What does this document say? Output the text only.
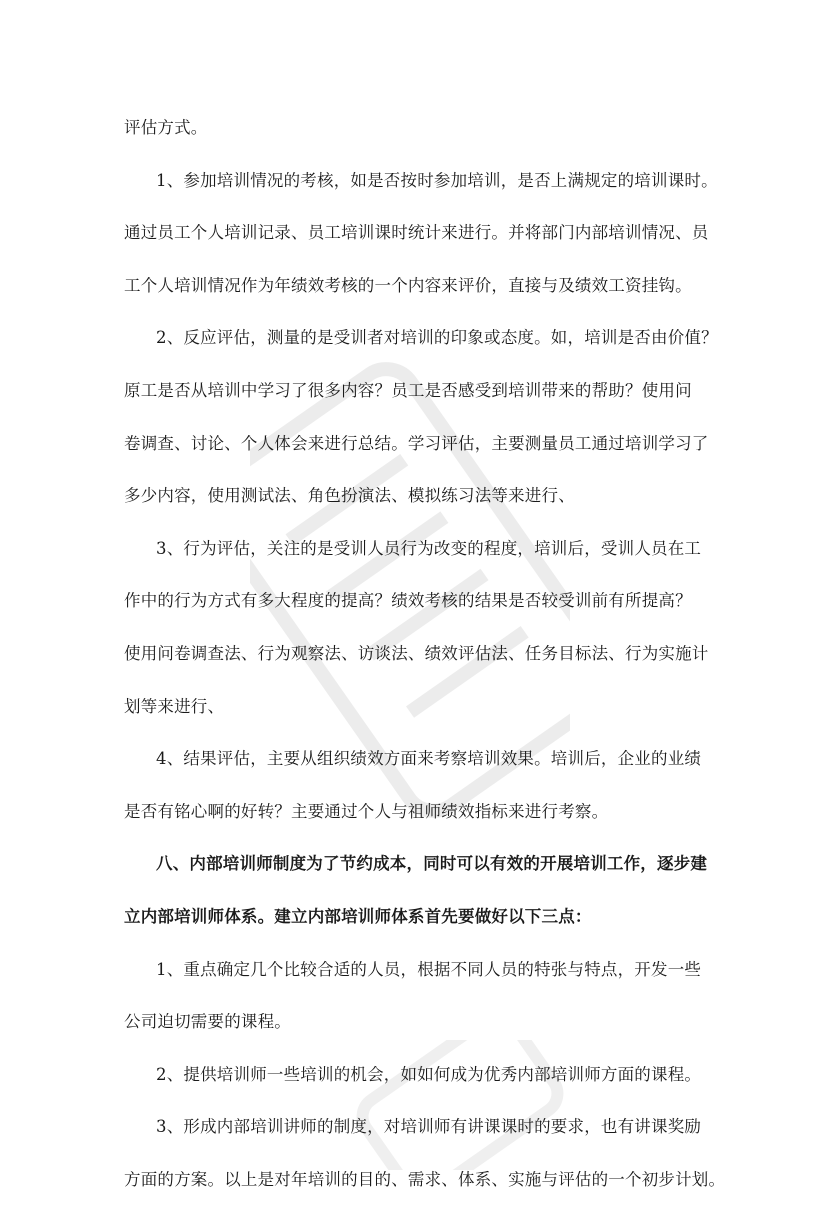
评估方式。
1、参加培训情况的考核，如是否按时参加培训，是否上满规定的培训课时。
通过员工个人培训记录、员工培训课时统计来进行。并将部门内部培训情况、员
工个人培训情况作为年绩效考核的一个内容来评价，直接与及绩效工资挂钩。
2、反应评估，测量的是受训者对培训的印象或态度。如，培训是否由价值？
原工是否从培训中学习了很多内容？员工是否感受到培训带来的帮助？使用问
卷调查、讨论、个人体会来进行总结。学习评估，主要测量员工通过培训学习了
多少内容，使用测试法、角色扮演法、模拟练习法等来进行、
3、行为评估，关注的是受训人员行为改变的程度，培训后，受训人员在工
作中的行为方式有多大程度的提高？绩效考核的结果是否较受训前有所提高？
使用问卷调查法、行为观察法、访谈法、绩效评估法、任务目标法、行为实施计
划等来进行、
4、结果评估，主要从组织绩效方面来考察培训效果。培训后，企业的业绩
是否有铭心啊的好转？主要通过个人与祖师绩效指标来进行考察。
八、内部培训师制度为了节约成本，同时可以有效的开展培训工作，逐步建
立内部培训师体系。建立内部培训师体系首先要做好以下三点：
1、重点确定几个比较合适的人员，根据不同人员的特张与特点，开发一些
公司迫切需要的课程。
2、提供培训师一些培训的机会，如如何成为优秀内部培训师方面的课程。
3、形成内部培训讲师的制度，对培训师有讲课课时的要求，也有讲课奖励
方面的方案。以上是对年培训的目的、需求、体系、实施与评估的一个初步计划。
